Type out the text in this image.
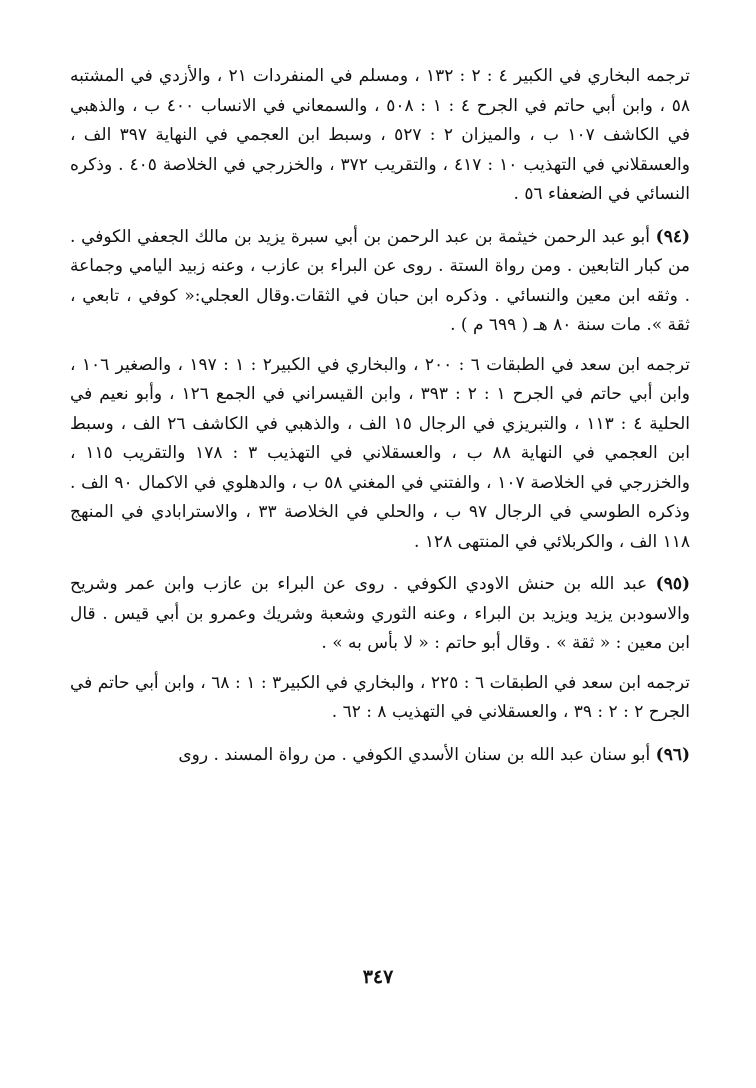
ترجمه البخاري في الكبير ٤ : ٢ : ١٣٢ ، ومسلم في المنفردات ٢١ ، والأزدي في المشتبه ٥٨ ، وابن أبي حاتم في الجرح ٤ : ١ : ٥٠٨ ، والسمعاني في الانساب ٤٠٠ ب ، والذهبي في الكاشف ١٠٧ ب ، والميزان ٢ : ٥٢٧ ، وسبط ابن العجمي في النهاية ٣٩٧ الف ، والعسقلاني في التهذيب ١٠ : ٤١٧ ، والتقريب ٣٧٢ ، والخزرجي في الخلاصة ٤٠٥ . وذكره النسائي في الضعفاء ٥٦ .

(٩٤) أبو عبد الرحمن خيثمة بن عبد الرحمن بن أبي سبرة يزيد بن مالك الجعفي الكوفي . من كبار التابعين . ومن رواة الستة . روى عن البراء بن عازب ، وعنه زبيد اليامي وجماعة . وثقه ابن معين والنسائي . وذكره ابن حبان في الثقات.وقال العجلي:« كوفي ، تابعي ، ثقة ». مات سنة ٨٠ هـ ( ٦٩٩ م ) .

ترجمه ابن سعد في الطبقات ٦ : ٢٠٠ ، والبخاري في الكبير٢ : ١ : ١٩٧ ، والصغير ١٠٦ ، وابن أبي حاتم في الجرح ١ : ٢ : ٣٩٣ ، وابن القيسراني في الجمع ١٢٦ ، وأبو نعيم في الحلية ٤ : ١١٣ ، والتبريزي في الرجال ١٥ الف ، والذهبي في الكاشف ٢٦ الف ، وسبط ابن العجمي في النهاية ٨٨ ب ، والعسقلاني في التهذيب ٣ : ١٧٨ والتقريب ١١٥ ، والخزرجي في الخلاصة ١٠٧ ، والفتني في المغني ٥٨ ب ، والدهلوي في الاكمال ٩٠ الف . وذكره الطوسي في الرجال ٩٧ ب ، والحلي في الخلاصة ٣٣ ، والاسترابادي في المنهج ١١٨ الف ، والكربلائي في المنتهى ١٢٨ .

(٩٥) عبد الله بن حنش الاودي الكوفي . روى عن البراء بن عازب وابن عمر وشريح والاسودبن يزيد ويزيد بن البراء ، وعنه الثوري وشعبة وشريك وعمرو بن أبي قيس . قال ابن معين : « ثقة » . وقال أبو حاتم : « لا بأس به » .

ترجمه ابن سعد في الطبقات ٦ : ٢٢٥ ، والبخاري في الكبير٣ : ١ : ٦٨ ، وابن أبي حاتم في الجرح ٢ : ٢ : ٣٩ ، والعسقلاني في التهذيب ٨ : ٦٢ .

(٩٦) أبو سنان عبد الله بن سنان الأسدي الكوفي . من رواة المسند . روى

٣٤٧
